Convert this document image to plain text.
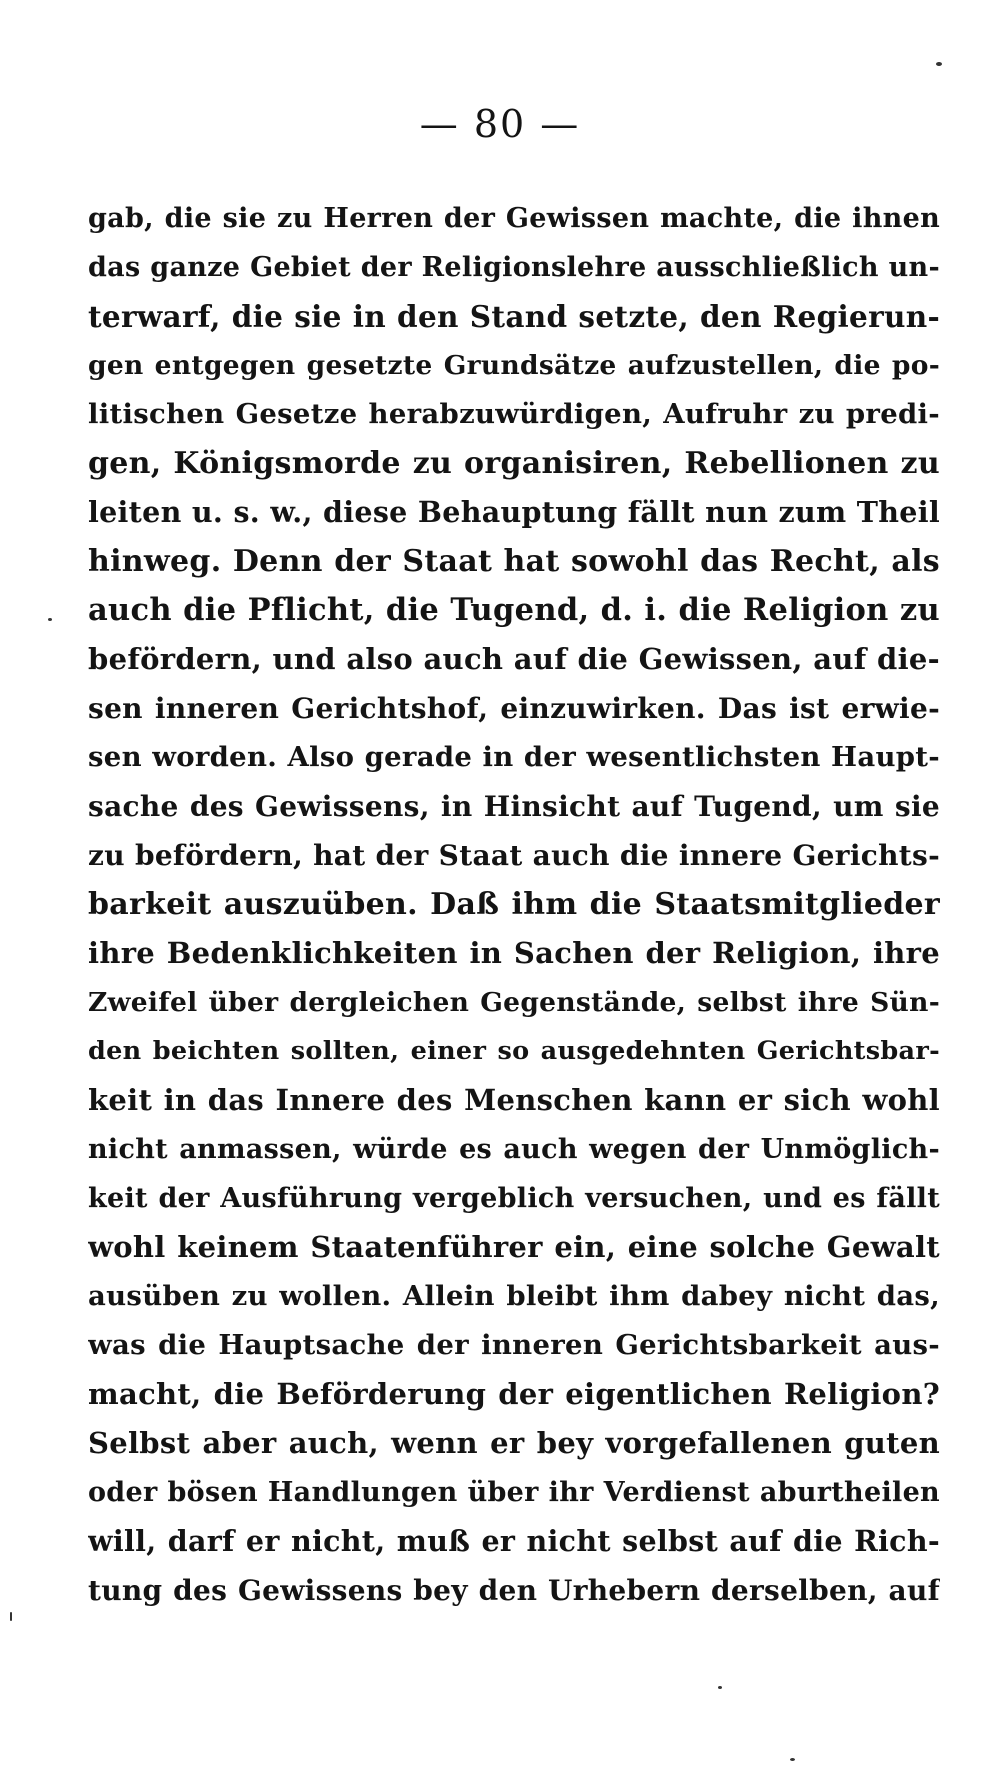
— 80 —
gab, die sie zu Herren der Gewissen machte, die ihnen
das ganze Gebiet der Religionslehre ausschließlich un-
terwarf, die sie in den Stand setzte, den Regierun-
gen entgegen gesetzte Grundsätze aufzustellen, die po-
litischen Gesetze herabzuwürdigen, Aufruhr zu predi-
gen, Königsmorde zu organisiren, Rebellionen zu
leiten u. s. w., diese Behauptung fällt nun zum Theil
hinweg. Denn der Staat hat sowohl das Recht, als
auch die Pflicht, die Tugend, d. i. die Religion zu
befördern, und also auch auf die Gewissen, auf die-
sen inneren Gerichtshof, einzuwirken. Das ist erwie-
sen worden. Also gerade in der wesentlichsten Haupt-
sache des Gewissens, in Hinsicht auf Tugend, um sie
zu befördern, hat der Staat auch die innere Gerichts-
barkeit auszuüben. Daß ihm die Staatsmitglieder
ihre Bedenklichkeiten in Sachen der Religion, ihre
Zweifel über dergleichen Gegenstände, selbst ihre Sün-
den beichten sollten, einer so ausgedehnten Gerichtsbar-
keit in das Innere des Menschen kann er sich wohl
nicht anmassen, würde es auch wegen der Unmöglich-
keit der Ausführung vergeblich versuchen, und es fällt
wohl keinem Staatenführer ein, eine solche Gewalt
ausüben zu wollen. Allein bleibt ihm dabey nicht das,
was die Hauptsache der inneren Gerichtsbarkeit aus-
macht, die Beförderung der eigentlichen Religion?
Selbst aber auch, wenn er bey vorgefallenen guten
oder bösen Handlungen über ihr Verdienst aburtheilen
will, darf er nicht, muß er nicht selbst auf die Rich-
tung des Gewissens bey den Urhebern derselben, auf
